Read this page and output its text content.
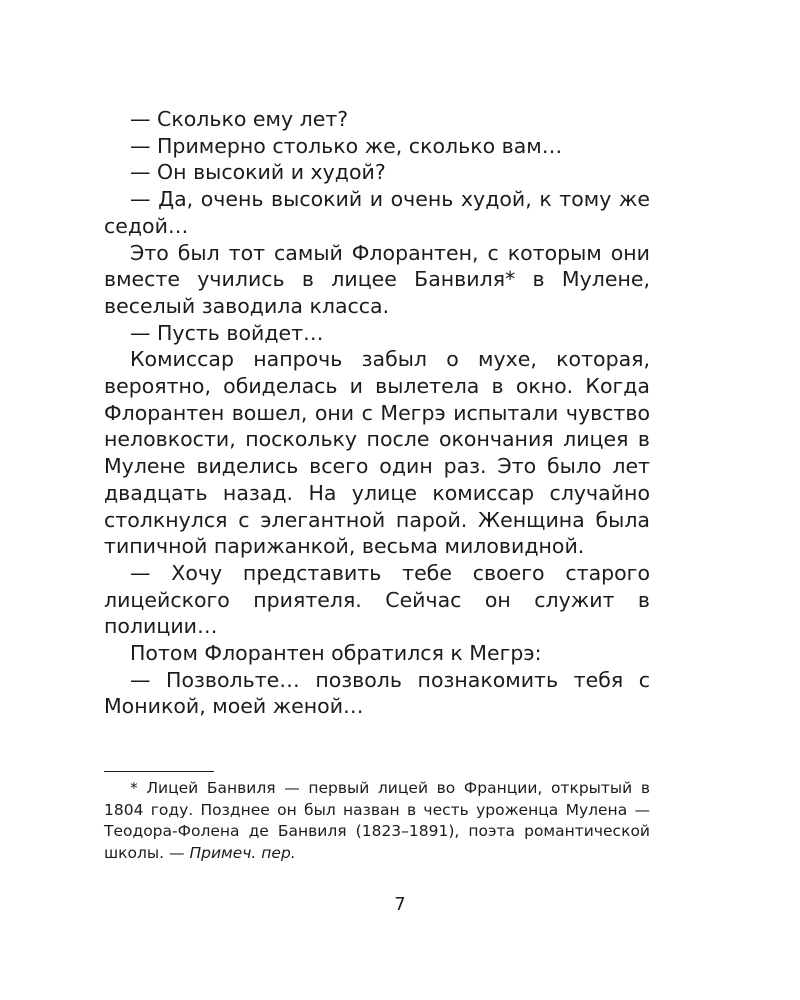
— Сколько ему лет?

— Примерно столько же, сколько вам…

— Он высокий и худой?

— Да, очень высокий и очень худой, к тому же седой…

Это был тот самый Флорантен, с которым они вместе учились в лицее Банвиля* в Мулене, веселый заводила класса.

— Пусть войдет…

Комиссар напрочь забыл о мухе, которая, вероятно, обиделась и вылетела в окно. Когда Флорантен вошел, они с Мегрэ испытали чувство неловкости, поскольку после окончания лицея в Мулене виделись всего один раз. Это было лет двадцать назад. На улице комиссар случайно столкнулся с элегантной парой. Женщина была типичной парижанкой, весьма миловидной.

— Хочу представить тебе своего старого лицейского приятеля. Сейчас он служит в полиции…

Потом Флорантен обратился к Мегрэ:

— Позвольте… позволь познакомить тебя с Моникой, моей женой…

* Лицей Банвиля — первый лицей во Франции, открытый в 1804 году. Позднее он был назван в честь уроженца Мулена — Теодора-Фолена де Банвиля (1823–1891), поэта романтической школы. — Примеч. пер.

7
